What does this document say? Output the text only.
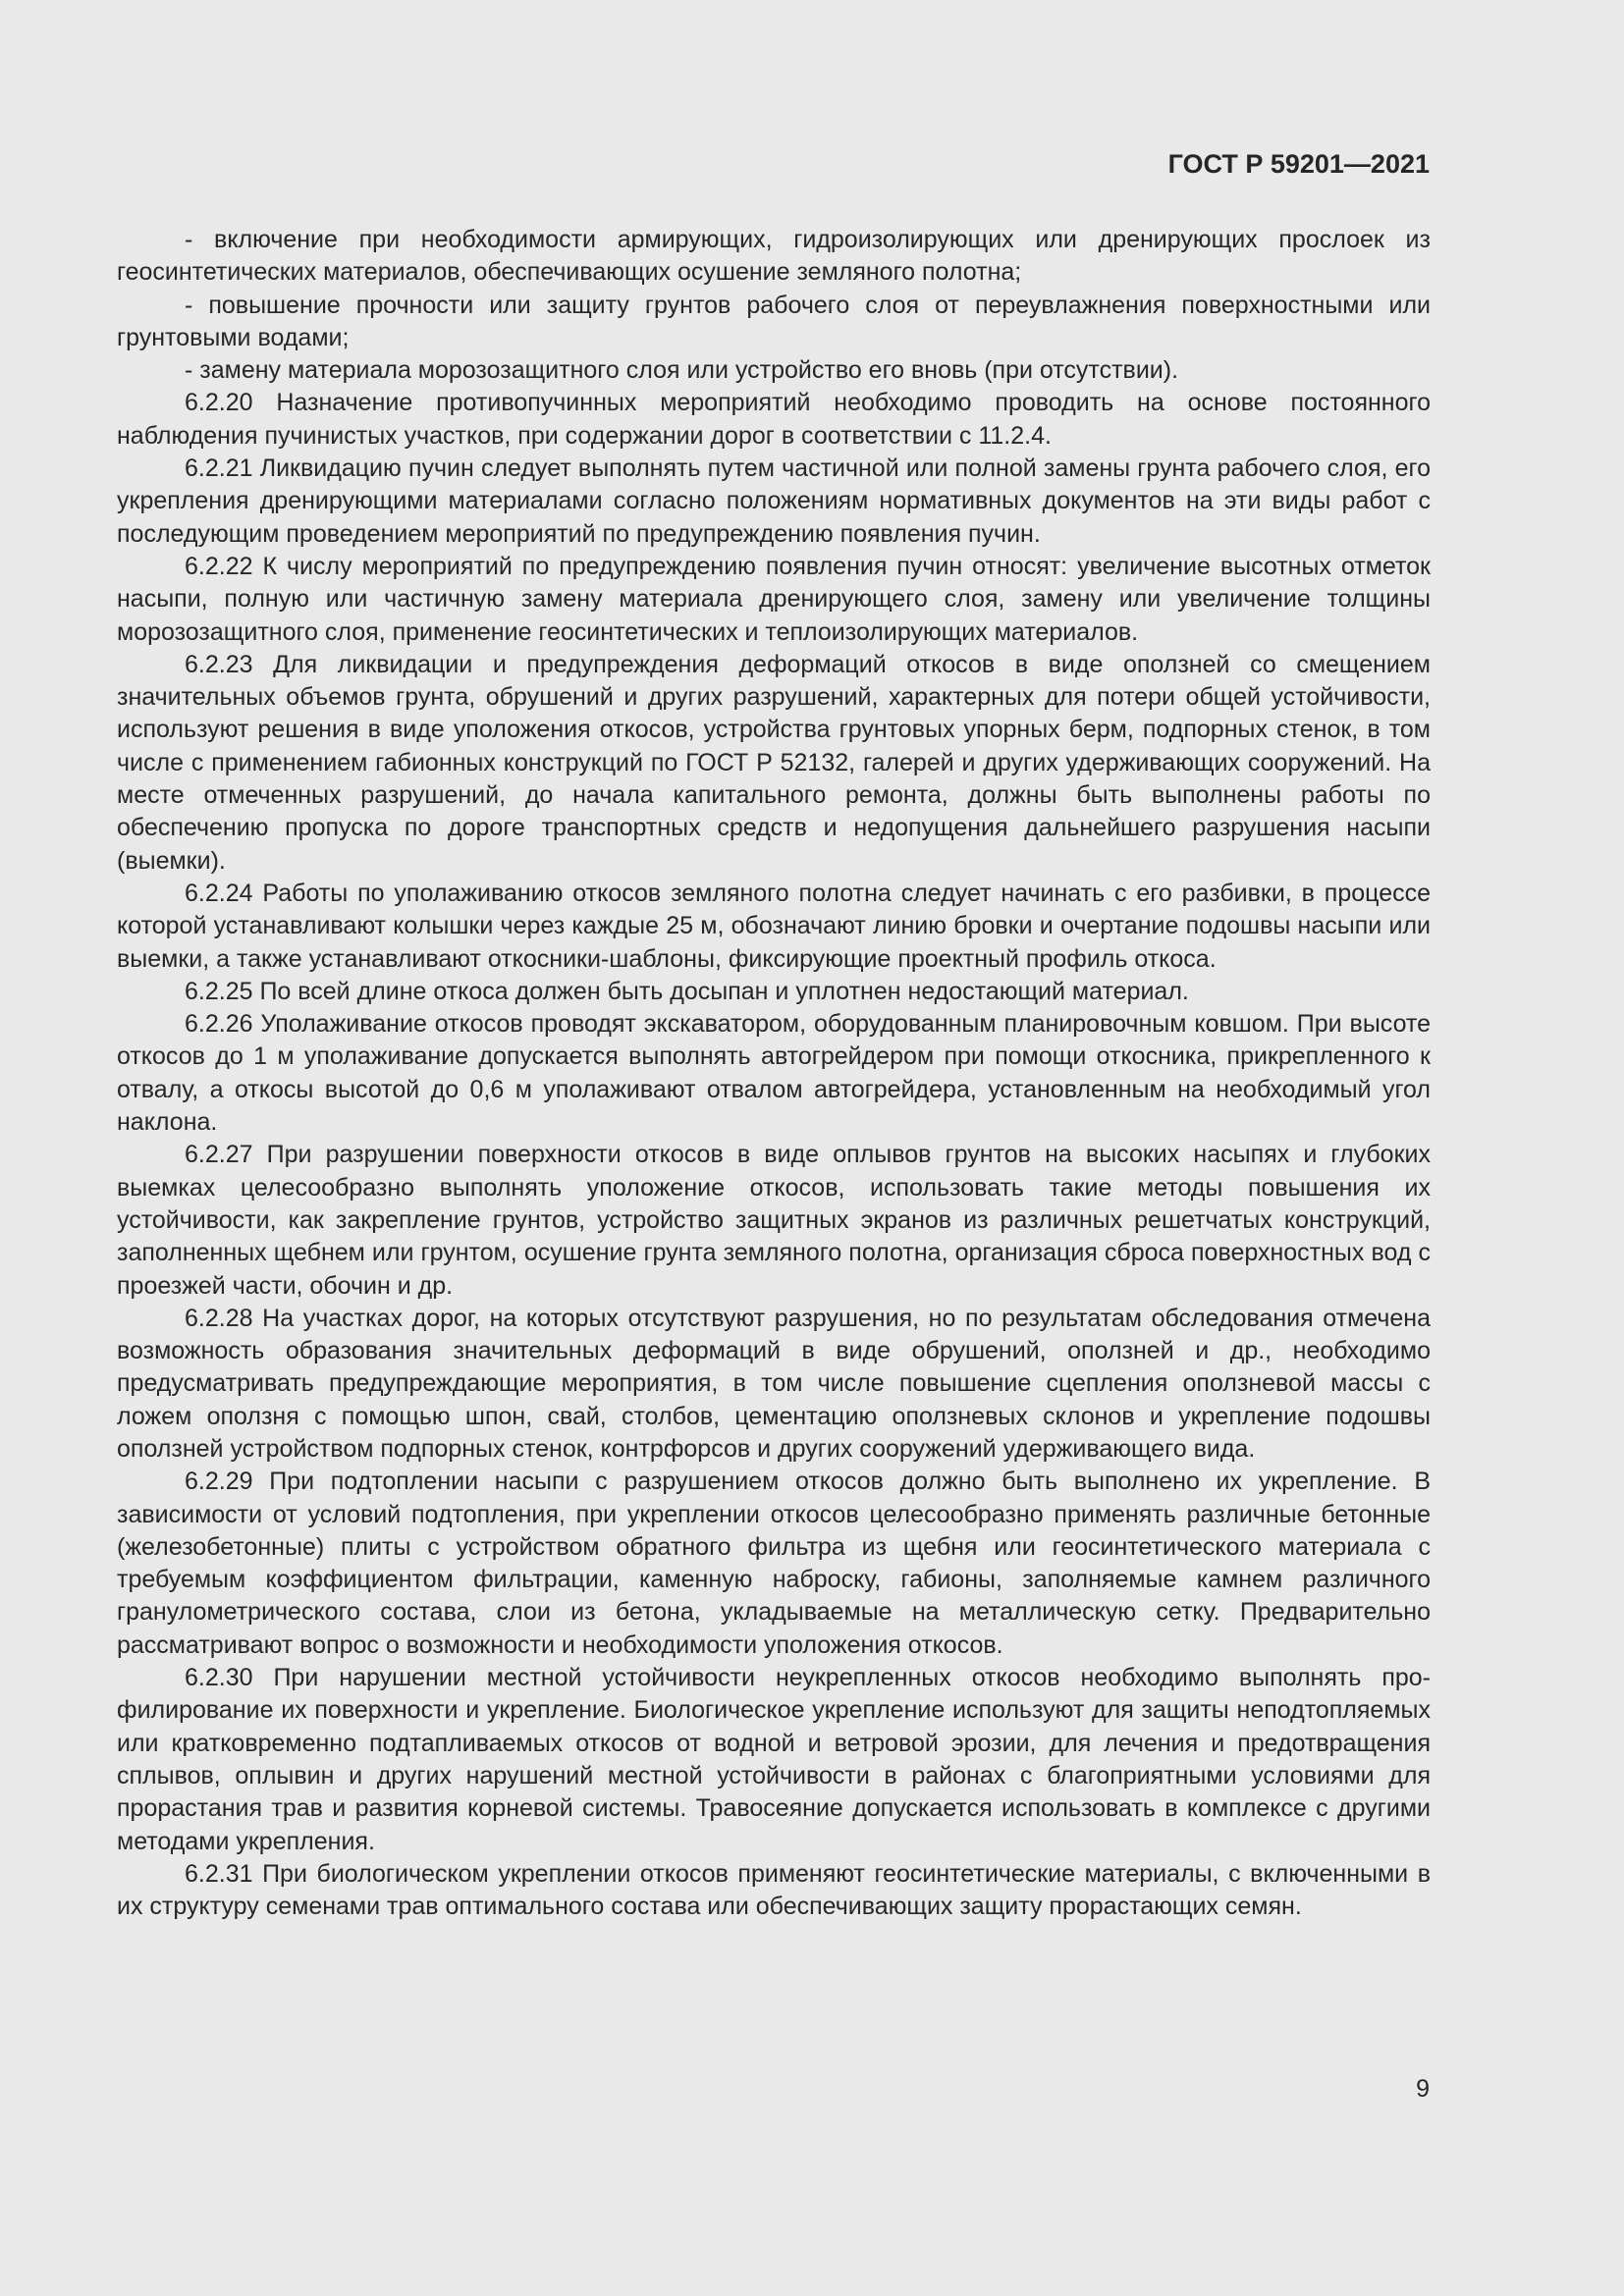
ГОСТ Р 59201—2021

- включение при необходимости армирующих, гидроизолирующих или дренирующих прослоек из геосинтетических материалов, обеспечивающих осушение земляного полотна;

- повышение прочности или защиту грунтов рабочего слоя от переувлажнения поверхностными или грунтовыми водами;

- замену материала морозозащитного слоя или устройство его вновь (при отсутствии).

6.2.20 Назначение противопучинных мероприятий необходимо проводить на основе постоянного наблюдения пучинистых участков, при содержании дорог в соответствии с 11.2.4.

6.2.21 Ликвидацию пучин следует выполнять путем частичной или полной замены грунта рабочего слоя, его укрепления дренирующими материалами согласно положениям нормативных документов на эти виды работ с последующим проведением мероприятий по предупреждению появления пучин.

6.2.22 К числу мероприятий по предупреждению появления пучин относят: увеличение высотных отметок насыпи, полную или частичную замену материала дренирующего слоя, замену или увеличение толщины морозозащитного слоя, применение геосинтетических и теплоизолирующих материалов.

6.2.23 Для ликвидации и предупреждения деформаций откосов в виде оползней со смещением значительных объемов грунта, обрушений и других разрушений, характерных для потери общей устойчивости, используют решения в виде уположения откосов, устройства грунтовых упорных берм, подпорных стенок, в том числе с применением габионных конструкций по ГОСТ Р 52132, галерей и других удерживающих сооружений. На месте отмеченных разрушений, до начала капитального ремонта, должны быть выполнены работы по обеспечению пропуска по дороге транспортных средств и недопущения дальнейшего разрушения насыпи (выемки).

6.2.24 Работы по уполаживанию откосов земляного полотна следует начинать с его разбивки, в процессе которой устанавливают колышки через каждые 25 м, обозначают линию бровки и очертание подошвы насыпи или выемки, а также устанавливают откосники-шаблоны, фиксирующие проектный профиль откоса.

6.2.25 По всей длине откоса должен быть досыпан и уплотнен недостающий материал.

6.2.26 Уполаживание откосов проводят экскаватором, оборудованным планировочным ковшом. При высоте откосов до 1 м уполаживание допускается выполнять автогрейдером при помощи откосника, прикрепленного к отвалу, а откосы высотой до 0,6 м уполаживают отвалом автогрейдера, установленным на необходимый угол наклона.

6.2.27 При разрушении поверхности откосов в виде оплывов грунтов на высоких насыпях и глубоких выемках целесообразно выполнять уположение откосов, использовать такие методы повышения их устойчивости, как закрепление грунтов, устройство защитных экранов из различных решетчатых конструкций, заполненных щебнем или грунтом, осушение грунта земляного полотна, организация сброса поверхностных вод с проезжей части, обочин и др.

6.2.28 На участках дорог, на которых отсутствуют разрушения, но по результатам обследования отмечена возможность образования значительных деформаций в виде обрушений, оползней и др., необходимо предусматривать предупреждающие мероприятия, в том числе повышение сцепления оползневой массы с ложем оползня с помощью шпон, свай, столбов, цементацию оползневых склонов и укрепление подошвы оползней устройством подпорных стенок, контрфорсов и других сооружений удерживающего вида.

6.2.29 При подтоплении насыпи с разрушением откосов должно быть выполнено их укрепление. В зависимости от условий подтопления, при укреплении откосов целесообразно применять различные бетонные (железобетонные) плиты с устройством обратного фильтра из щебня или геосинтетического материала с требуемым коэффициентом фильтрации, каменную наброску, габионы, заполняемые камнем различного гранулометрического состава, слои из бетона, укладываемые на металлическую сетку. Предварительно рассматривают вопрос о возможности и необходимости уположения откосов.

6.2.30 При нарушении местной устойчивости неукрепленных откосов необходимо выполнять профилирование их поверхности и укрепление. Биологическое укрепление используют для защиты неподтопляемых или кратковременно подтапливаемых откосов от водной и ветровой эрозии, для лечения и предотвращения сплывов, оплывин и других нарушений местной устойчивости в районах с благоприятными условиями для прорастания трав и развития корневой системы. Травосеяние допускается использовать в комплексе с другими методами укрепления.

6.2.31 При биологическом укреплении откосов применяют геосинтетические материалы, с включенными в их структуру семенами трав оптимального состава или обеспечивающих защиту прорастающих семян.

9
